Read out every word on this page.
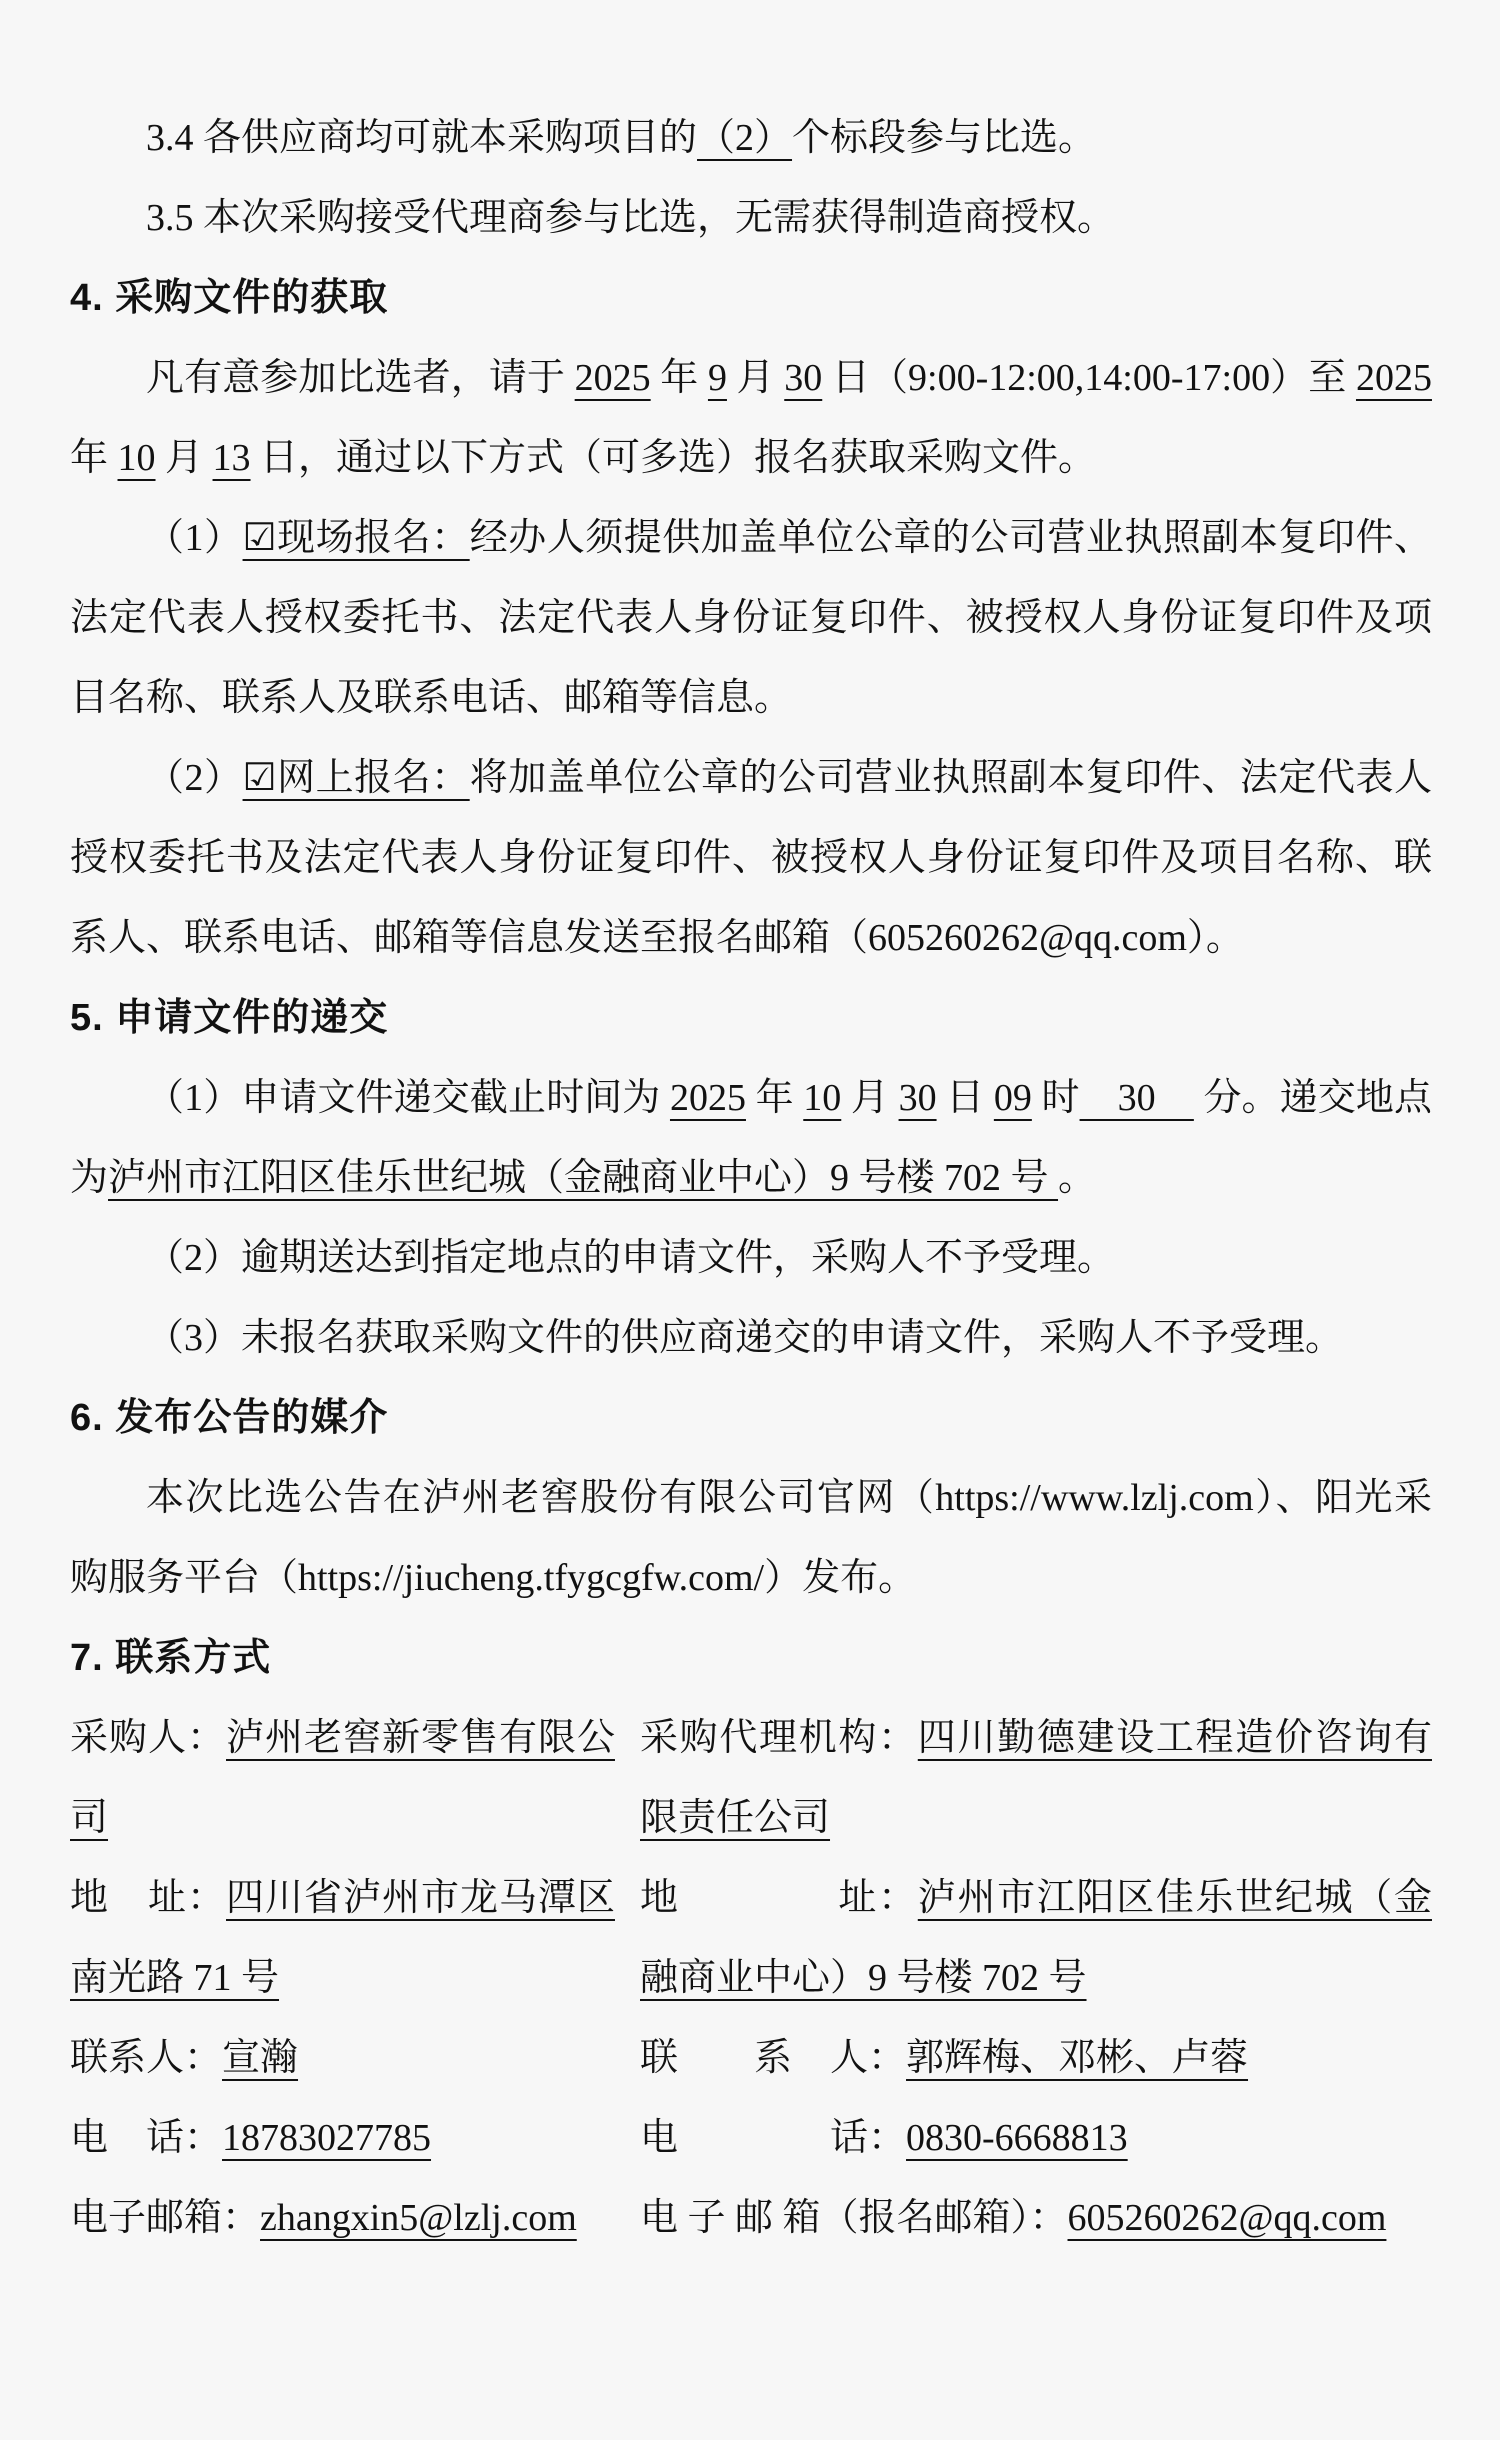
3.4 各供应商均可就本采购项目的（2）个标段参与比选。

3.5 本次采购接受代理商参与比选，无需获得制造商授权。

4. 采购文件的获取

凡有意参加比选者，请于 2025 年 9 月 30 日（9:00-12:00,14:00-17:00）至 2025 年 10 月 13 日，通过以下方式（可多选）报名获取采购文件。

（1）☑现场报名：经办人须提供加盖单位公章的公司营业执照副本复印件、法定代表人授权委托书、法定代表人身份证复印件、被授权人身份证复印件及项目名称、联系人及联系电话、邮箱等信息。

（2）☑网上报名：将加盖单位公章的公司营业执照副本复印件、法定代表人授权委托书及法定代表人身份证复印件、被授权人身份证复印件及项目名称、联系人、联系电话、邮箱等信息发送至报名邮箱（605260262@qq.com）。

5. 申请文件的递交

（1）申请文件递交截止时间为 2025 年 10 月 30 日 09 时　30　 分。递交地点为泸州市江阳区佳乐世纪城（金融商业中心）9 号楼 702 号 。

（2）逾期送达到指定地点的申请文件，采购人不予受理。

（3）未报名获取采购文件的供应商递交的申请文件，采购人不予受理。

6. 发布公告的媒介

本次比选公告在泸州老窖股份有限公司官网（https://www.lzlj.com）、阳光采购服务平台（https://jiucheng.tfygcgfw.com/）发布。

7. 联系方式

采购人：泸州老窖新零售有限公司

地　址：四川省泸州市龙马潭区南光路 71 号

联系人：宣瀚

电　话：18783027785

电子邮箱：zhangxin5@lzlj.com

采购代理机构：四川勤德建设工程造价咨询有限责任公司

地　　　　址：泸州市江阳区佳乐世纪城（金融商业中心）9 号楼 702 号

联　　系　人：郭辉梅、邓彬、卢蓉

电　　　　话：0830-6668813

电 子 邮 箱（报名邮箱）：605260262@qq.com
